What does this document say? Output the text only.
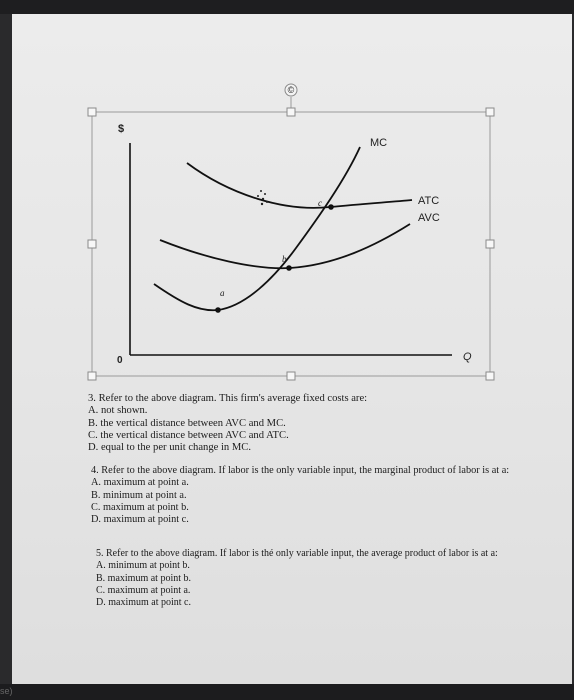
se)
©
$
Q
0
a
b
c
MC
ATC
AVC

3. Refer to the above diagram. This firm's average fixed costs are:

A. not shown.

B. the vertical distance between AVC and MC.

C. the vertical distance between AVC and ATC.

D. equal to the per unit change in MC.

4. Refer to the above diagram. If labor is the only variable input, the marginal product of labor is at a:

A. maximum at point a.

B. minimum at point a.

C. maximum at point b.

D. maximum at point c.

5. Refer to the above diagram. If labor is thé only variable input, the average product of labor is at a:

A. minimum at point b.

B. maximum at point b.

C. maximum at point a.

D. maximum at point c.
